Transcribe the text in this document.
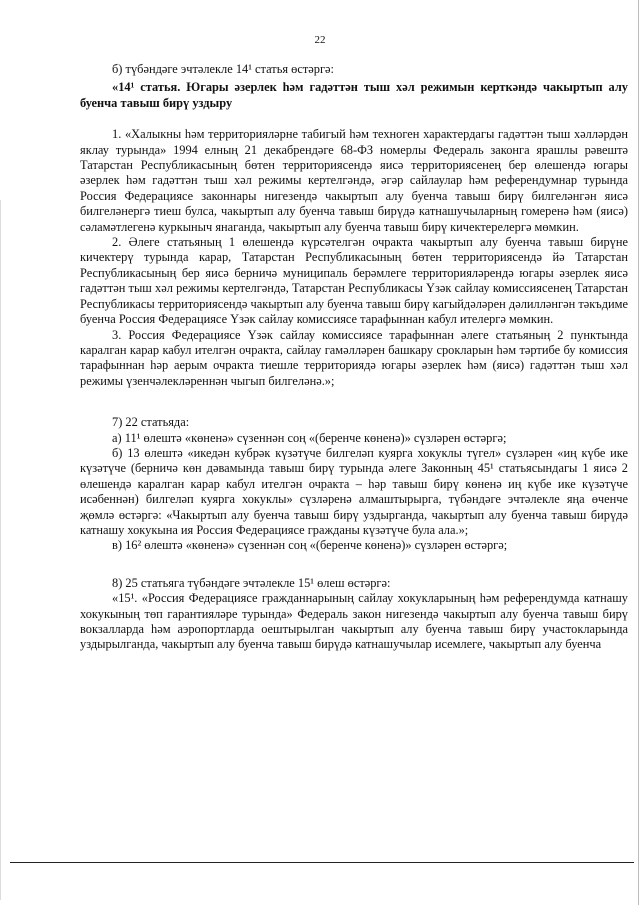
22

б) түбәндәге эчтәлекле 14¹ статья өстәргә:

«14¹ статья. Югары әзерлек һәм гадәттән тыш хәл режимын керткәндә чакыртып алу буенча тавыш бирү уздыру

1. «Халыкны һәм территорияләрне табигый һәм техноген характердагы гадәттән тыш хәлләрдән яклау турында» 1994 елның 21 декабрендәге 68-ФЗ номерлы Федераль законга ярашлы рәвештә Татарстан Республикасының бөтен территориясендә яисә территориясенең бер өлешендә югары әзерлек һәм гадәттән тыш хәл режимы кертелгәндә, әгәр сайлаулар һәм референдумнар турында Россия Федерациясе законнары нигезендә чакыртып алу буенча тавыш бирү билгеләнгән яисә билгеләнергә тиеш булса, чакыртып алу буенча тавыш бирүдә катнашучыларның гомеренә һәм (яисә) сәламәтлегенә куркыныч янаганда, чакыртып алу буенча тавыш бирү кичектерелергә мөмкин.

2. Әлеге статьяның 1 өлешендә күрсәтелгән очракта чакыртып алу буенча тавыш бирүне кичектерү турында карар, Татарстан Республикасының бөтен территориясендә йә Татарстан Республикасының бер яисә берничә муниципаль берәмлеге территорияләрендә югары әзерлек яисә гадәттән тыш хәл режимы кертелгәндә, Татарстан Республикасы Үзәк сайлау комиссиясенең Татарстан Республикасы территориясендә чакыртып алу буенча тавыш бирү кагыйдәләрен дәлилләнгән тәкъдиме буенча Россия Федерациясе Үзәк сайлау комиссиясе тарафыннан кабул ителергә мөмкин.

3. Россия Федерациясе Үзәк сайлау комиссиясе тарафыннан әлеге статьяның 2 пунктында каралган карар кабул ителгән очракта, сайлау гамәлләрен башкару срокларын һәм тәртибе бу комиссия тарафыннан һәр аерым очракта тиешле территориядә югары әзерлек һәм (яисә) гадәттән тыш хәл режимы үзенчәлекләреннән чыгып билгеләнә.»;

7) 22 статьяда:

а) 11¹ өлештә «көненә» сүзеннән соң «(беренче көненә)» сүзләрен өстәргә;

б) 13 өлештә «икедән кубрәк күзәтүче билгеләп куярга хокуклы түгел» сүзләрен «иң күбе ике күзәтүче (берничә көн дәвамында тавыш бирү турында әлеге Законның 45¹ статьясындагы 1 яисә 2 өлешендә каралган карар кабул ителгән очракта – һәр тавыш бирү көненә иң күбе ике күзәтүче исәбеннән) билгеләп куярга хокуклы» сүзләренә алмаштырырга, түбәндәге эчтәлекле яңа өченче җөмлә өстәргә: «Чакыртып алу буенча тавыш бирү уздырганда, чакыртып алу буенча тавыш бирүдә катнашу хокукына ия Россия Федерациясе гражданы күзәтүче була ала.»;

в) 16² өлештә «көненә» сүзеннән соң «(беренче көненә)» сүзләрен өстәргә;

8) 25 статьяга түбәндәге эчтәлекле 15¹ өлеш өстәргә:

«15¹. «Россия Федерациясе гражданнарының сайлау хокукларының һәм референдумда катнашу хокукының төп гарантияләре турында» Федераль закон нигезендә чакыртып алу буенча тавыш бирү вокзалларда һәм аэропортларда оештырылган чакыртып алу буенча тавыш бирү участокларында уздырылганда, чакыртып алу буенча тавыш бирүдә катнашучылар исемлеге, чакыртып алу буенча
